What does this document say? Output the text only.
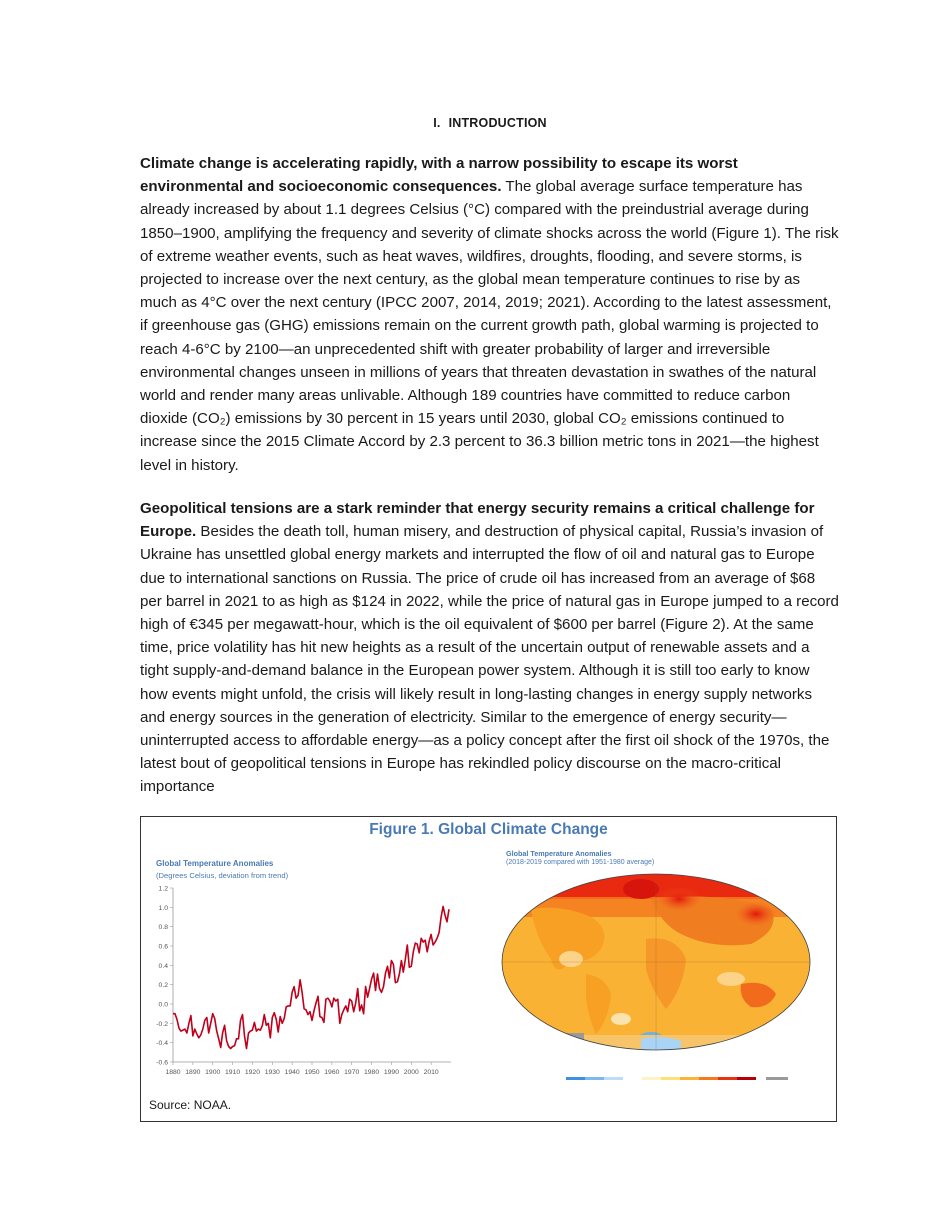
I. INTRODUCTION

Climate change is accelerating rapidly, with a narrow possibility to escape its worst environmental and socioeconomic consequences. The global average surface temperature has already increased by about 1.1 degrees Celsius (°C) compared with the preindustrial average during 1850–1900, amplifying the frequency and severity of climate shocks across the world (Figure 1). The risk of extreme weather events, such as heat waves, wildfires, droughts, flooding, and severe storms, is projected to increase over the next century, as the global mean temperature continues to rise by as much as 4°C over the next century (IPCC 2007, 2014, 2019; 2021). According to the latest assessment, if greenhouse gas (GHG) emissions remain on the current growth path, global warming is projected to reach 4-6°C by 2100—an unprecedented shift with greater probability of larger and irreversible environmental changes unseen in millions of years that threaten devastation in swathes of the natural world and render many areas unlivable. Although 189 countries have committed to reduce carbon dioxide (CO₂) emissions by 30 percent in 15 years until 2030, global CO₂ emissions continued to increase since the 2015 Climate Accord by 2.3 percent to 36.3 billion metric tons in 2021—the highest level in history.

Geopolitical tensions are a stark reminder that energy security remains a critical challenge for Europe. Besides the death toll, human misery, and destruction of physical capital, Russia’s invasion of Ukraine has unsettled global energy markets and interrupted the flow of oil and natural gas to Europe due to international sanctions on Russia. The price of crude oil has increased from an average of $68 per barrel in 2021 to as high as $124 in 2022, while the price of natural gas in Europe jumped to a record high of €345 per megawatt-hour, which is the oil equivalent of $600 per barrel (Figure 2). At the same time, price volatility has hit new heights as a result of the uncertain output of renewable assets and a tight supply-and-demand balance in the European power system. Although it is still too early to know how events might unfold, the crisis will likely result in long-lasting changes in energy supply networks and energy sources in the generation of electricity. Similar to the emergence of energy security—uninterrupted access to affordable energy—as a policy concept after the first oil shock of the 1970s, the latest bout of geopolitical tensions in Europe has rekindled policy discourse on the macro-critical importance

Figure 1. Global Climate Change
Global Temperature Anomalies
(Degrees Celsius, deviation from trend)
-0.6
-0.4
-0.2
0.0
0.2
0.4
0.6
0.8
1.0
1.2
1880 1890 1900 1910 1920 1930 1940 1950 1960 1970 1980 1990 2000 2010
Global Temperature Anomalies
(2018-2019 compared with 1951-1980 average)
Source: NOAA.
